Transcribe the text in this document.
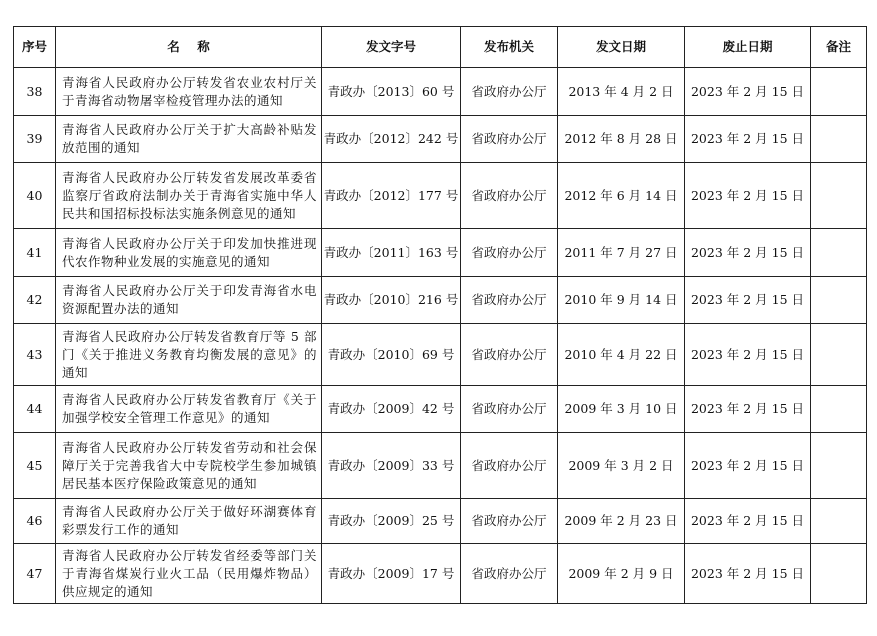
序号	名    称	发文字号	发布机关	发文日期	废止日期	备注
38	青海省人民政府办公厅转发省农业农村厅关于青海省动物屠宰检疫管理办法的通知	青政办〔2013〕60 号	省政府办公厅	2013 年 4 月 2 日	2023 年 2 月 15 日	
39	青海省人民政府办公厅关于扩大高龄补贴发放范围的通知	青政办〔2012〕242 号	省政府办公厅	2012 年 8 月 28 日	2023 年 2 月 15 日	
40	青海省人民政府办公厅转发省发展改革委省监察厅省政府法制办关于青海省实施中华人民共和国招标投标法实施条例意见的通知	青政办〔2012〕177 号	省政府办公厅	2012 年 6 月 14 日	2023 年 2 月 15 日	
41	青海省人民政府办公厅关于印发加快推进现代农作物种业发展的实施意见的通知	青政办〔2011〕163 号	省政府办公厅	2011 年 7 月 27 日	2023 年 2 月 15 日	
42	青海省人民政府办公厅关于印发青海省水电资源配置办法的通知	青政办〔2010〕216 号	省政府办公厅	2010 年 9 月 14 日	2023 年 2 月 15 日	
43	青海省人民政府办公厅转发省教育厅等 5 部门《关于推进义务教育均衡发展的意见》的通知	青政办〔2010〕69 号	省政府办公厅	2010 年 4 月 22 日	2023 年 2 月 15 日	
44	青海省人民政府办公厅转发省教育厅《关于加强学校安全管理工作意见》的通知	青政办〔2009〕42 号	省政府办公厅	2009 年 3 月 10 日	2023 年 2 月 15 日	
45	青海省人民政府办公厅转发省劳动和社会保障厅关于完善我省大中专院校学生参加城镇居民基本医疗保险政策意见的通知	青政办〔2009〕33 号	省政府办公厅	2009 年 3 月 2 日	2023 年 2 月 15 日	
46	青海省人民政府办公厅关于做好环湖赛体育彩票发行工作的通知	青政办〔2009〕25 号	省政府办公厅	2009 年 2 月 23 日	2023 年 2 月 15 日	
47	青海省人民政府办公厅转发省经委等部门关于青海省煤炭行业火工品（民用爆炸物品）供应规定的通知	青政办〔2009〕17 号	省政府办公厅	2009 年 2 月 9 日	2023 年 2 月 15 日	
